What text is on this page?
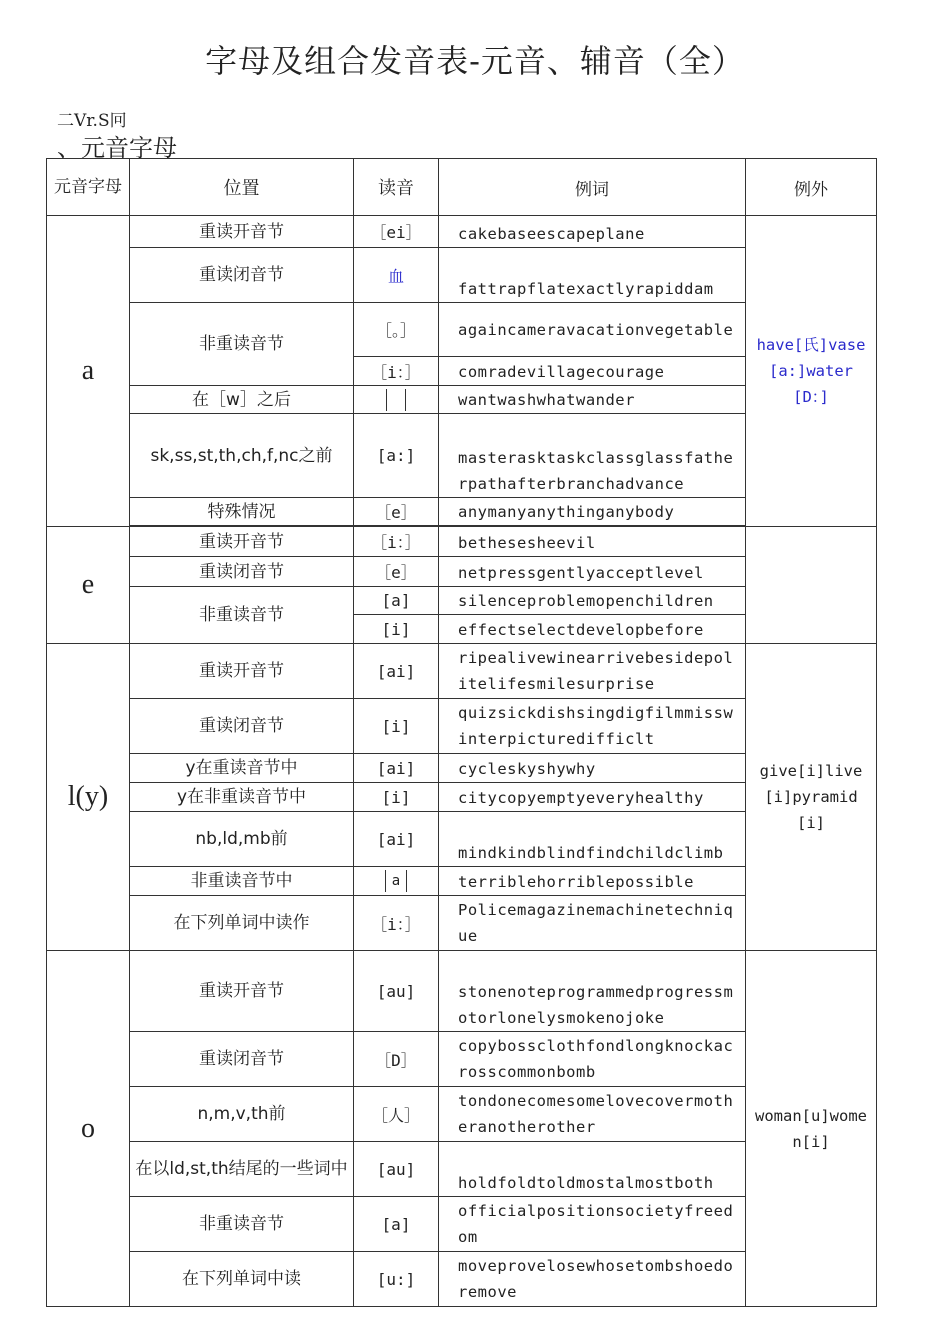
字母及组合发音表-元音、辅音（全）
二Vr.S冋
、元音字母
元音字母	位置	读音	例词	例外
a	重读开音节	［ei］	cakebaseescapeplane	have[氏]vase[a:]water[D：]
	重读闭音节	血	fattrapflatexactlyrapiddam	
	非重读音节	［。］	againcameravacationvegetable	
		［i：］	comradevillagecourage	
	在［w］之后		wantwashwhatwander	
	sk,ss,st,th,ch,f,nc之前	[a:]	masterasktaskclassglassfatherpathafterbranchadvance	
	特殊情况	［e］	anymanyanythinganybody	

e	重读开音节	［i：］	bethesesheevil	
	重读闭音节	［e］	netpressgentlyacceptlevel	
	非重读音节	[a]	silenceproblemopenchildren	
		[i]	effectselectdevelopbefore	
l(y)	重读开音节	[ai]	ripealivewinearrivebesidepolitelifesmilesurprise	give[i]live[i]pyramid[i]
	重读闭音节	[i]	quizsickdishsingdigfilmmisswinterpicturedifficlt	
	y在重读音节中	[ai]	cycleskyshywhy	
	y在非重读音节中	[i]	citycopyemptyeveryhealthy	
	nb,ld,mb前	[ai]	mindkindblindfindchildclimb	
	非重读音节中	a	terriblehorriblepossible	
	在下列单词中读作	［i：］	Policemagazinemachinetechnique	
o	重读开音节	[au]	stonenoteprogrammedprogressmotorlonelysmokenojoke	woman[u]women[i]
	重读闭音节	［D］	copybossclothfondlongknockacrosscommonbomb	
	n,m,v,th前	［人］	tondonecomesomelovecovermotheranotherother	
	在以ld,st,th结尾的一些词中	[au]	holdfoldtoldmostalmostboth	
	非重读音节	[a]	officialpositionsocietyfreedom	
	在下列单词中读	[u:]	moveprovelosewhosetombshoedoremove	
